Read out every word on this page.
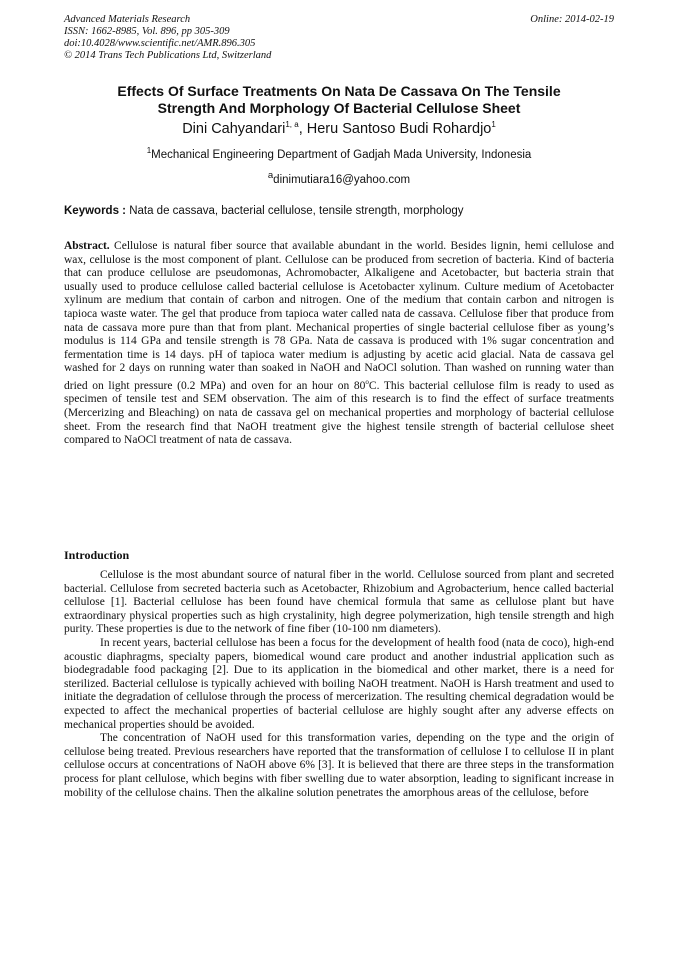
Advanced Materials Research
ISSN: 1662-8985, Vol. 896, pp 305-309
doi:10.4028/www.scientific.net/AMR.896.305
© 2014 Trans Tech Publications Ltd, Switzerland
Online: 2014-02-19
Effects Of Surface Treatments On Nata De Cassava On The Tensile
Strength And Morphology Of Bacterial Cellulose Sheet
Dini Cahyandari$^{1, a}$, Heru Santoso Budi Rohardjo$^1$
$^1$Mechanical Engineering Department of Gadjah Mada University, Indonesia
$^a$dinimutiara16@yahoo.com
Keywords : Nata de cassava, bacterial cellulose, tensile strength, morphology
Abstract. Cellulose is natural fiber source that available abundant in the world. Besides lignin, hemi cellulose and wax, cellulose is the most component of plant. Cellulose can be produced from secretion of bacteria. Kind of bacteria that can produce cellulose are pseudomonas, Achromobacter, Alkaligene and Acetobacter, but bacteria strain that usually used to produce cellulose called bacterial cellulose is Acetobacter xylinum. Culture medium of Acetobacter xylinum are medium that contain of carbon and nitrogen. One of the medium that contain carbon and nitrogen is tapioca waste water. The gel that produce from tapioca water called nata de cassava. Cellulose fiber that produce from nata de cassava more pure than that from plant. Mechanical properties of single bacterial cellulose fiber as young’s modulus is 114 GPa and tensile strength is 78 GPa. Nata de cassava is produced with 1% sugar concentration and fermentation time is 14 days. pH of tapioca water medium is adjusting by acetic acid glacial. Nata de cassava gel washed for 2 days on running water than soaked in NaOH and NaOCl solution. Than washed on running water than dried on light pressure (0.2 MPa) and oven for an hour on 80$^o$C. This bacterial cellulose film is ready to used as specimen of tensile test and SEM observation. The aim of this research is to find the effect of surface treatments (Mercerizing and Bleaching) on nata de cassava gel on mechanical properties and morphology of bacterial cellulose sheet. From the research find that NaOH treatment give the highest tensile strength of bacterial cellulose sheet compared to NaOCl treatment of nata de cassava.
Introduction

Cellulose is the most abundant source of natural fiber in the world. Cellulose sourced from plant and secreted bacterial. Cellulose from secreted bacteria such as Acetobacter, Rhizobium and Agrobacterium, hence called bacterial cellulose [1]. Bacterial cellulose has been found have chemical formula that same as cellulose plant but have extraordinary physical properties such as high crystalinity, high degree polymerization, high tensile strength and high purity. These properties is due to the network of fine fiber (10-100 nm diameters).

In recent years, bacterial cellulose has been a focus for the development of health food (nata de coco), high-end acoustic diaphragms, specialty papers, biomedical wound care product and another industrial application such as biodegradable food packaging [2]. Due to its application in the biomedical and other market, there is a need for sterilized. Bacterial cellulose is typically achieved with boiling NaOH treatment. NaOH is Harsh treatment and used to initiate the degradation of cellulose through the process of mercerization. The resulting chemical degradation would be expected to affect the mechanical properties of bacterial cellulose are highly sought after any adverse effects on mechanical properties should be avoided.

The concentration of NaOH used for this transformation varies, depending on the type and the origin of cellulose being treated. Previous researchers have reported that the transformation of cellulose I to cellulose II in plant cellulose occurs at concentrations of NaOH above 6% [3]. It is believed that there are three steps in the transformation process for plant cellulose, which begins with fiber swelling due to water absorption, leading to significant increase in mobility of the cellulose chains. Then the alkaline solution penetrates the amorphous areas of the cellulose, before
